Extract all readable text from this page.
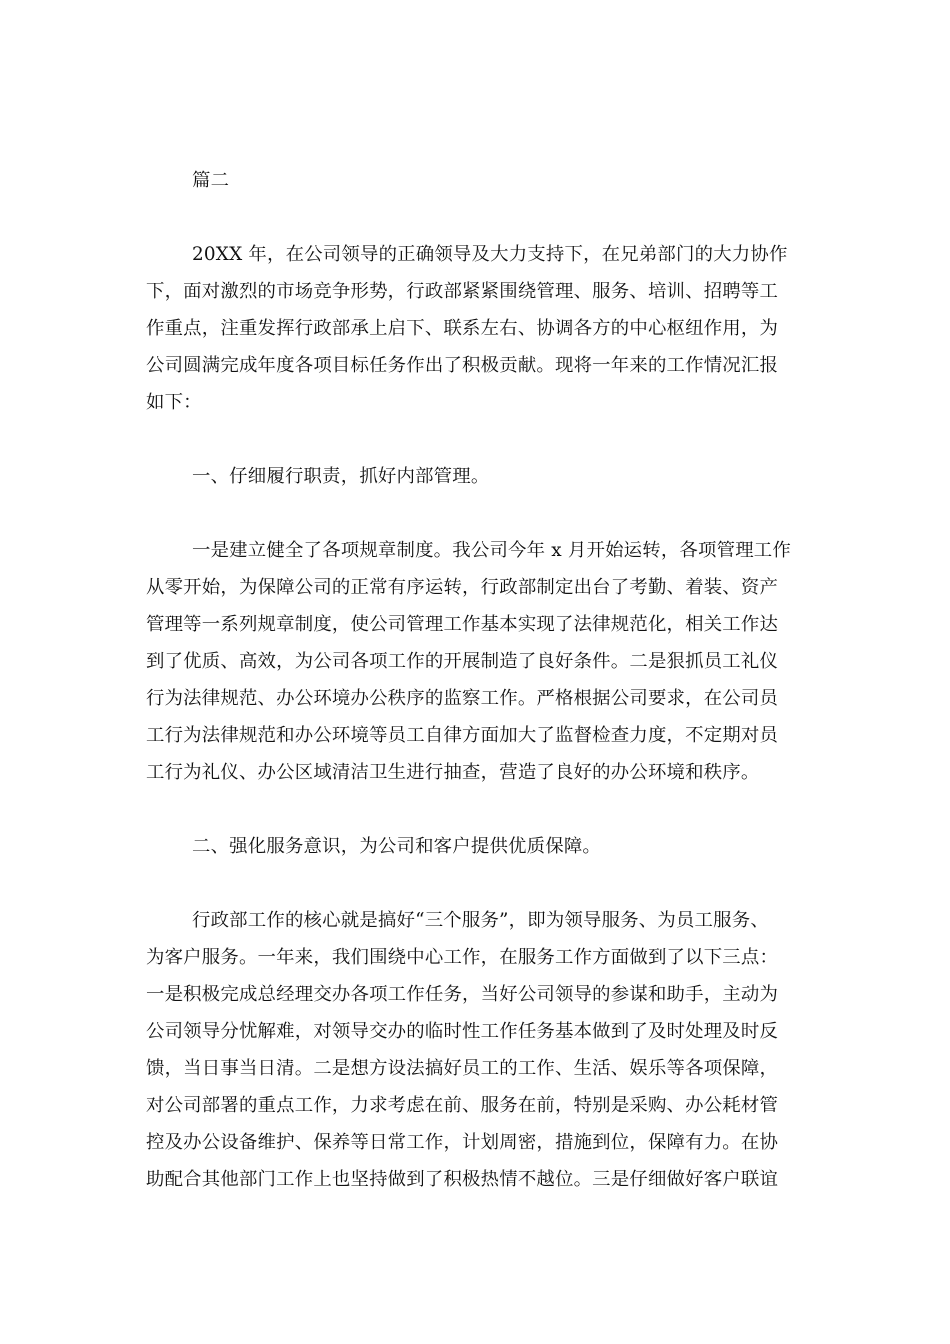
篇二

20XX 年，在公司领导的正确领导及大力支持下，在兄弟部门的大力协作
下，面对激烈的市场竞争形势，行政部紧紧围绕管理、服务、培训、招聘等工
作重点，注重发挥行政部承上启下、联系左右、协调各方的中心枢纽作用，为
公司圆满完成年度各项目标任务作出了积极贡献。现将一年来的工作情况汇报
如下：

一、仔细履行职责，抓好内部管理。

一是建立健全了各项规章制度。我公司今年 x 月开始运转，各项管理工作
从零开始，为保障公司的正常有序运转，行政部制定出台了考勤、着装、资产
管理等一系列规章制度，使公司管理工作基本实现了法律规范化，相关工作达
到了优质、高效，为公司各项工作的开展制造了良好条件。二是狠抓员工礼仪
行为法律规范、办公环境办公秩序的监察工作。严格根据公司要求，在公司员
工行为法律规范和办公环境等员工自律方面加大了监督检查力度，不定期对员
工行为礼仪、办公区域清洁卫生进行抽查，营造了良好的办公环境和秩序。

二、强化服务意识，为公司和客户提供优质保障。

行政部工作的核心就是搞好“三个服务”，即为领导服务、为员工服务、
为客户服务。一年来，我们围绕中心工作，在服务工作方面做到了以下三点：
一是积极完成总经理交办各项工作任务，当好公司领导的参谋和助手，主动为
公司领导分忧解难，对领导交办的临时性工作任务基本做到了及时处理及时反
馈，当日事当日清。二是想方设法搞好员工的工作、生活、娱乐等各项保障，
对公司部署的重点工作，力求考虑在前、服务在前，特别是采购、办公耗材管
控及办公设备维护、保养等日常工作，计划周密，措施到位，保障有力。在协
助配合其他部门工作上也坚持做到了积极热情不越位。三是仔细做好客户联谊
